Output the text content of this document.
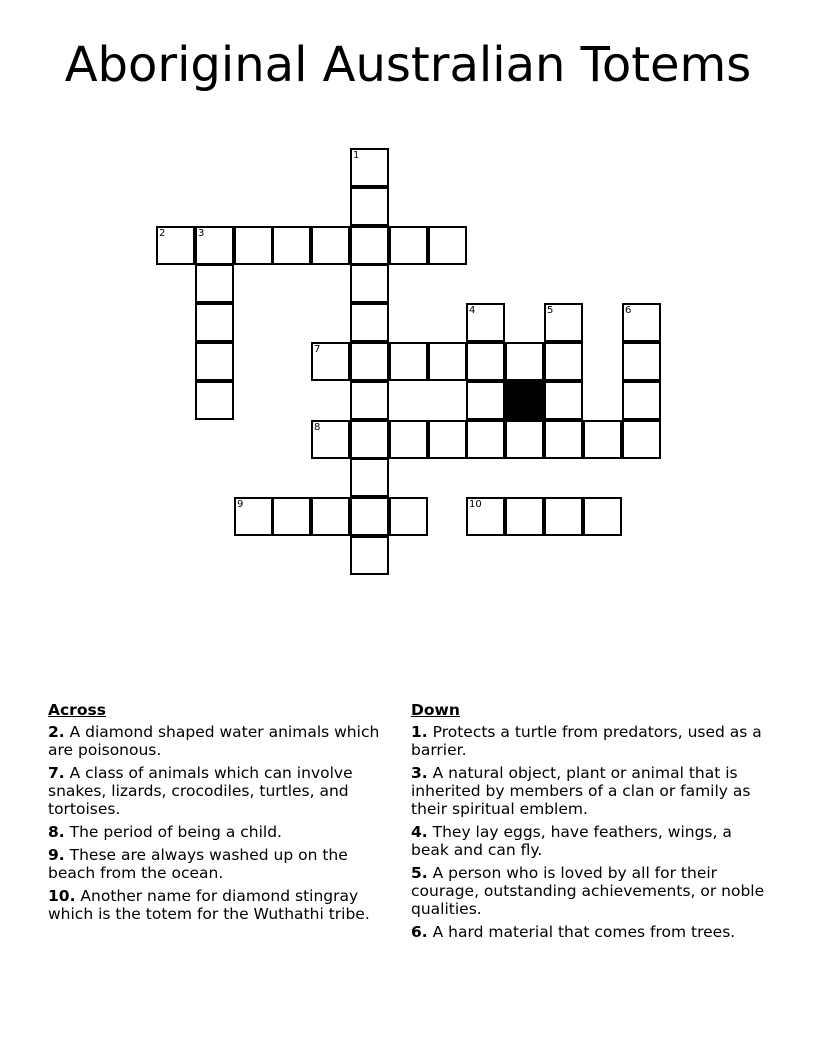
Aboriginal Australian Totems
1
2	3
4	5	6
7
8
9	10
Across
2. A diamond shaped water animals which are poisonous.
7. A class of animals which can involve snakes, lizards, crocodiles, turtles, and tortoises.
8. The period of being a child.
9. These are always washed up on the beach from the ocean.
10. Another name for diamond stingray which is the totem for the Wuthathi tribe.
Down
1. Protects a turtle from predators, used as a barrier.
3. A natural object, plant or animal that is inherited by members of a clan or family as their spiritual emblem.
4. They lay eggs, have feathers, wings, a beak and can fly.
5. A person who is loved by all for their courage, outstanding achievements, or noble qualities.
6. A hard material that comes from trees.
